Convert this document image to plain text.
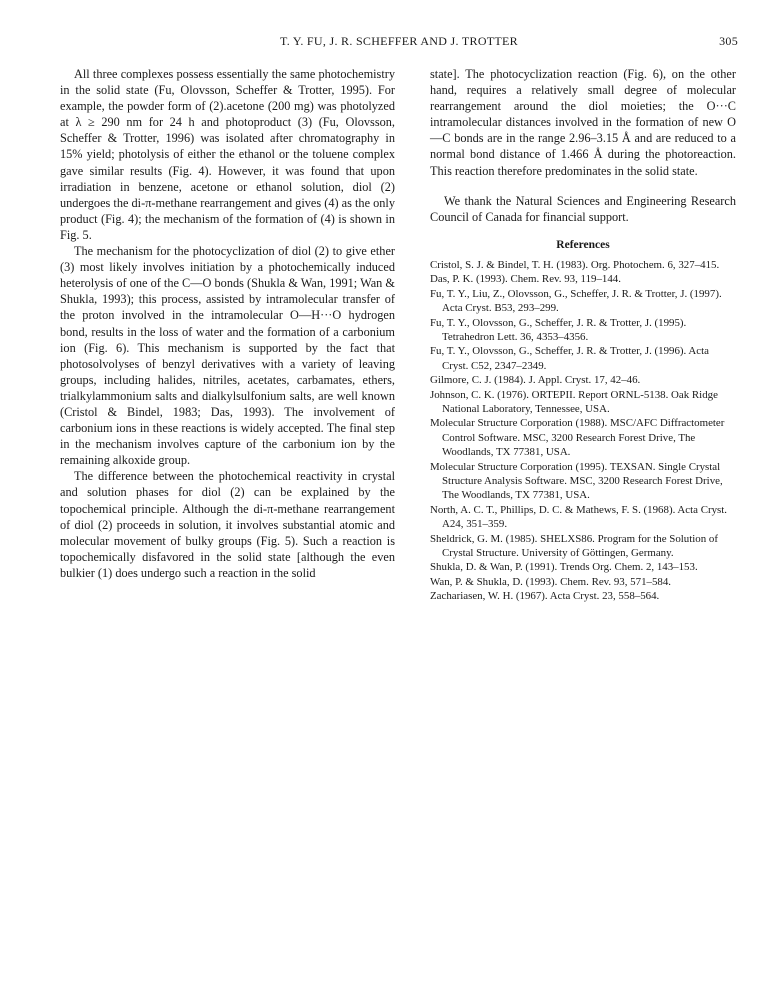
T. Y. FU, J. R. SCHEFFER AND J. TROTTER	305

All three complexes possess essentially the same photochemistry in the solid state (Fu, Olovsson, Scheffer & Trotter, 1995). For example, the powder form of (2).acetone (200 mg) was photolyzed at λ ≥ 290 nm for 24 h and photoproduct (3) (Fu, Olovsson, Scheffer & Trotter, 1996) was isolated after chromatography in 15% yield; photolysis of either the ethanol or the toluene complex gave similar results (Fig. 4). However, it was found that upon irradiation in benzene, acetone or ethanol solution, diol (2) undergoes the di-π-methane rearrangement and gives (4) as the only product (Fig. 4); the mechanism of the formation of (4) is shown in Fig. 5.

The mechanism for the photocyclization of diol (2) to give ether (3) most likely involves initiation by a photochemically induced heterolysis of one of the C—O bonds (Shukla & Wan, 1991; Wan & Shukla, 1993); this process, assisted by intramolecular transfer of the proton involved in the intramolecular O—H···O hydrogen bond, results in the loss of water and the formation of a carbonium ion (Fig. 6). This mechanism is supported by the fact that photosolvolyses of benzyl derivatives with a variety of leaving groups, including halides, nitriles, acetates, carbamates, ethers, trialkylammonium salts and dialkylsulfonium salts, are well known (Cristol & Bindel, 1983; Das, 1993). The involvement of carbonium ions in these reactions is widely accepted. The final step in the mechanism involves capture of the carbonium ion by the remaining alkoxide group.

The difference between the photochemical reactivity in crystal and solution phases for diol (2) can be explained by the topochemical principle. Although the di-π-methane rearrangement of diol (2) proceeds in solution, it involves substantial atomic and molecular movement of bulky groups (Fig. 5). Such a reaction is topochemically disfavored in the solid state [although the even bulkier (1) does undergo such a reaction in the solid

state]. The photocyclization reaction (Fig. 6), on the other hand, requires a relatively small degree of molecular rearrangement around the diol moieties; the O···C intramolecular distances involved in the formation of new O—C bonds are in the range 2.96–3.15 Å and are reduced to a normal bond distance of 1.466 Å during the photoreaction. This reaction therefore predominates in the solid state.

We thank the Natural Sciences and Engineering Research Council of Canada for financial support.

References

Cristol, S. J. & Bindel, T. H. (1983). Org. Photochem. 6, 327–415.

Das, P. K. (1993). Chem. Rev. 93, 119–144.

Fu, T. Y., Liu, Z., Olovsson, G., Scheffer, J. R. & Trotter, J. (1997). Acta Cryst. B53, 293–299.

Fu, T. Y., Olovsson, G., Scheffer, J. R. & Trotter, J. (1995). Tetrahedron Lett. 36, 4353–4356.

Fu, T. Y., Olovsson, G., Scheffer, J. R. & Trotter, J. (1996). Acta Cryst. C52, 2347–2349.

Gilmore, C. J. (1984). J. Appl. Cryst. 17, 42–46.

Johnson, C. K. (1976). ORTEPII. Report ORNL-5138. Oak Ridge National Laboratory, Tennessee, USA.

Molecular Structure Corporation (1988). MSC/AFC Diffractometer Control Software. MSC, 3200 Research Forest Drive, The Woodlands, TX 77381, USA.

Molecular Structure Corporation (1995). TEXSAN. Single Crystal Structure Analysis Software. MSC, 3200 Research Forest Drive, The Woodlands, TX 77381, USA.

North, A. C. T., Phillips, D. C. & Mathews, F. S. (1968). Acta Cryst. A24, 351–359.

Sheldrick, G. M. (1985). SHELXS86. Program for the Solution of Crystal Structure. University of Göttingen, Germany.

Shukla, D. & Wan, P. (1991). Trends Org. Chem. 2, 143–153.

Wan, P. & Shukla, D. (1993). Chem. Rev. 93, 571–584.

Zachariasen, W. H. (1967). Acta Cryst. 23, 558–564.
